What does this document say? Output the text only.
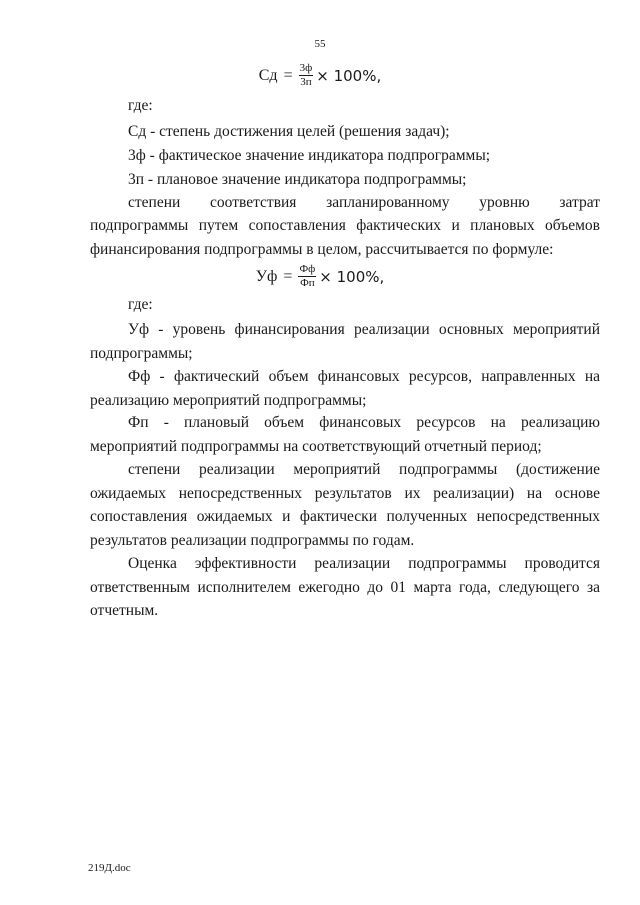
55
Сд = $\frac{3ф}{3п} \times 100\%$,
где:
Сд - степень достижения целей (решения задач);
3ф - фактическое значение индикатора подпрограммы;
3п - плановое значение индикатора подпрограммы;
степени соответствия запланированному уровню затрат
подпрограммы путем сопоставления фактических и плановых объемов финансирования подпрограммы в целом, рассчитывается по формуле:
Уф = $\frac{Фф}{Фп} \times 100\%$,
где:
Уф - уровень финансирования реализации основных мероприятий подпрограммы;
Фф - фактический объем финансовых ресурсов, направленных на реализацию мероприятий подпрограммы;
Фп - плановый объем финансовых ресурсов на реализацию мероприятий подпрограммы на соответствующий отчетный период;
степени реализации мероприятий подпрограммы (достижение ожидаемых непосредственных результатов их реализации) на основе сопоставления ожидаемых и фактически полученных непосредственных результатов реализации подпрограммы по годам.
Оценка эффективности реализации подпрограммы проводится ответственным исполнителем ежегодно до 01 марта года, следующего за отчетным.
219Д.doc
